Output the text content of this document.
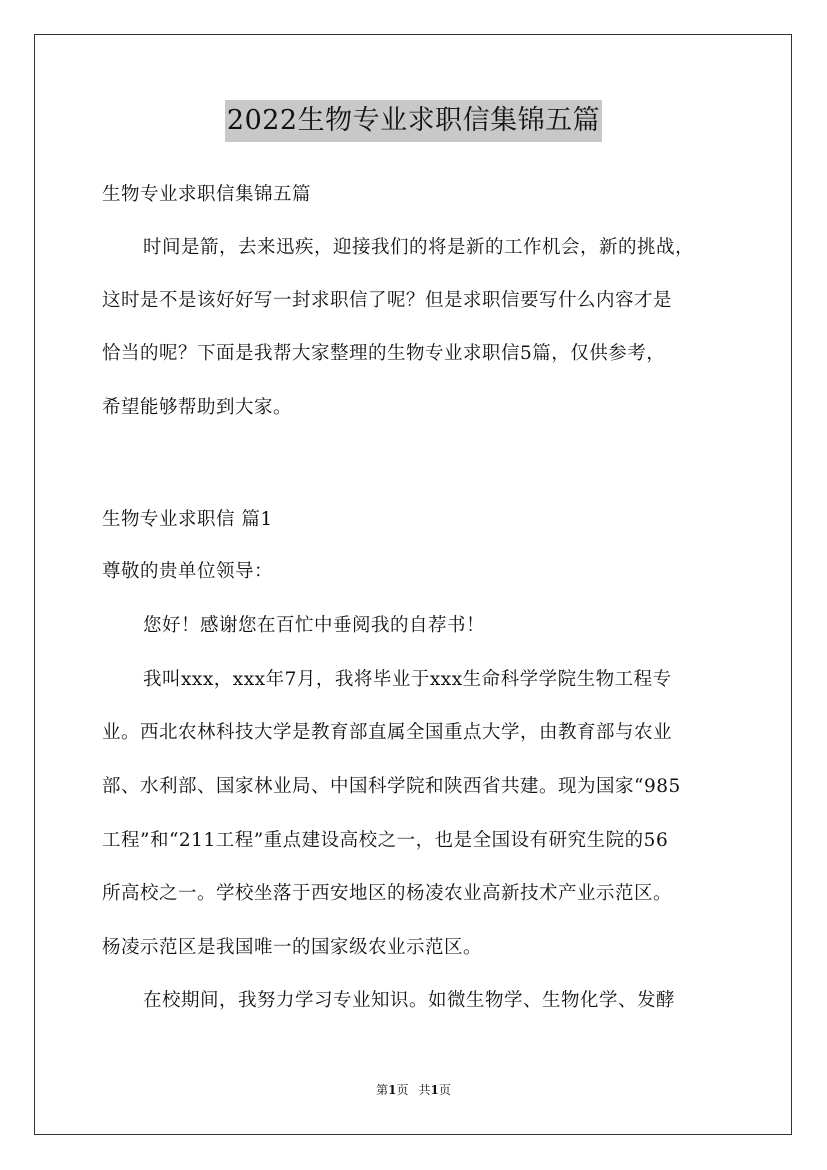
2022生物专业求职信集锦五篇
生物专业求职信集锦五篇
时间是箭，去来迅疾，迎接我们的将是新的工作机会，新的挑战，
这时是不是该好好写一封求职信了呢？但是求职信要写什么内容才是
恰当的呢？下面是我帮大家整理的生物专业求职信5篇，仅供参考，
希望能够帮助到大家。
生物专业求职信 篇1
尊敬的贵单位领导：
您好！感谢您在百忙中垂阅我的自荐书！
我叫xxx，xxx年7月，我将毕业于xxx生命科学学院生物工程专
业。西北农林科技大学是教育部直属全国重点大学，由教育部与农业
部、水利部、国家林业局、中国科学院和陕西省共建。现为国家“985
工程”和“211工程”重点建设高校之一，也是全国设有研究生院的56
所高校之一。学校坐落于西安地区的杨凌农业高新技术产业示范区。
杨凌示范区是我国唯一的国家级农业示范区。
在校期间，我努力学习专业知识。如微生物学、生物化学、发酵
第1页 共1页
